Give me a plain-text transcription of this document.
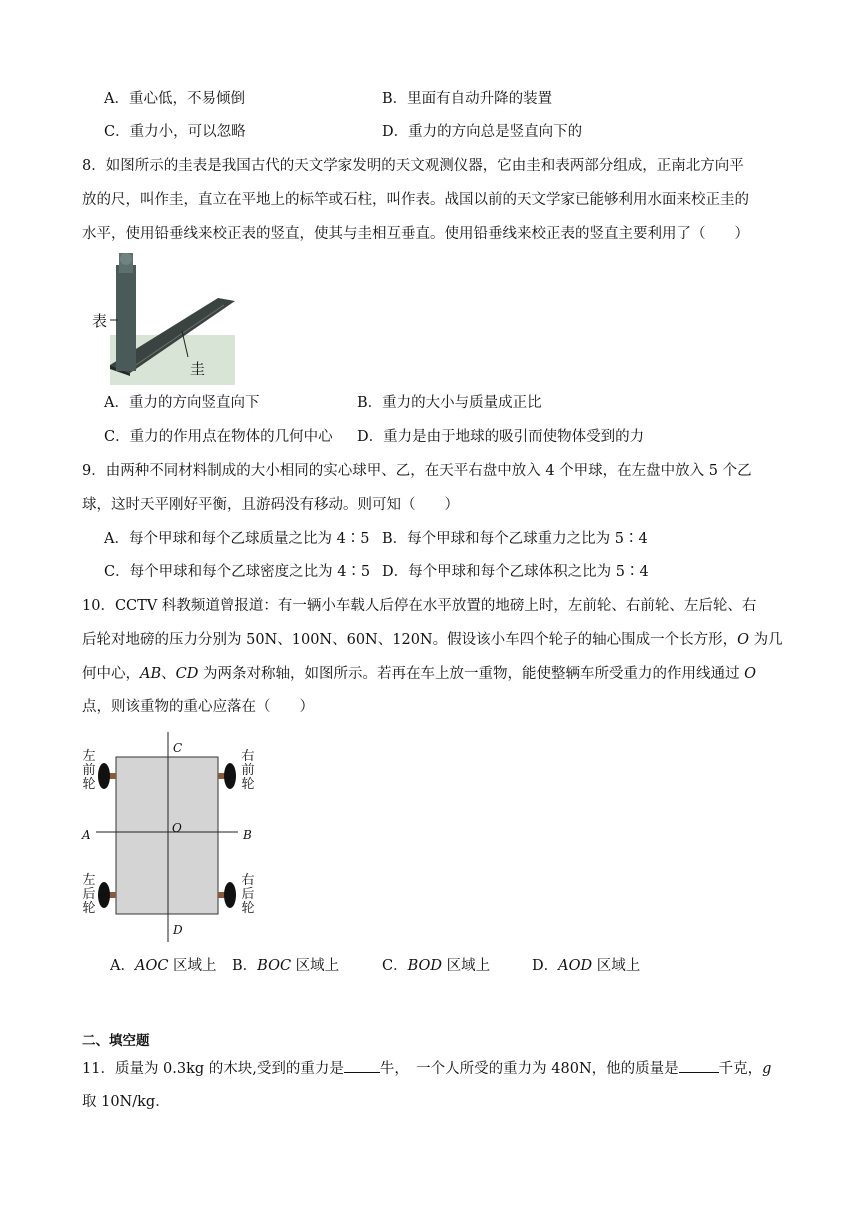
A．重心低，不易倾倒	B．里面有自动升降的装置
C．重力小，可以忽略	D．重力的方向总是竖直向下的
8．如图所示的圭表是我国古代的天文学家发明的天文观测仪器，它由圭和表两部分组成，正南北方向平
放的尺，叫作圭，直立在平地上的标竿或石柱，叫作表。战国以前的天文学家已能够利用水面来校正圭的
水平，使用铅垂线来校正表的竖直，使其与圭相互垂直。使用铅垂线来校正表的竖直主要利用了（　　）
表
圭
A．重力的方向竖直向下	B．重力的大小与质量成正比
C．重力的作用点在物体的几何中心 D．重力是由于地球的吸引而使物体受到的力
9．由两种不同材料制成的大小相同的实心球甲、乙，在天平右盘中放入 4 个甲球，在左盘中放入 5 个乙
球，这时天平刚好平衡，且游码没有移动。则可知（　　）
A．每个甲球和每个乙球质量之比为 4∶5 B．每个甲球和每个乙球重力之比为 5∶4
C．每个甲球和每个乙球密度之比为 4∶5 D．每个甲球和每个乙球体积之比为 5∶4
10．CCTV 科教频道曾报道：有一辆小车载人后停在水平放置的地磅上时，左前轮、右前轮、左后轮、右
后轮对地磅的压力分别为 50N、100N、60N、120N。假设该小车四个轮子的轴心围成一个长方形，O 为几
何中心，AB、CD 为两条对称轴，如图所示。若再在车上放一重物，能使整辆车所受重力的作用线通过 O
点，则该重物的重心应落在（　　）
左
前
轮
右
前
轮
左
后
轮
右
后
轮
C
D
A	B
O
A．AOC 区域上 B．BOC 区域上	C．BOD 区域上	D．AOD 区域上
二、填空题
11．质量为 0.3kg 的木块,受到的重力是 牛，　一个人所受的重力为 480N，他的质量是	千克，g
取 10N/kg．
